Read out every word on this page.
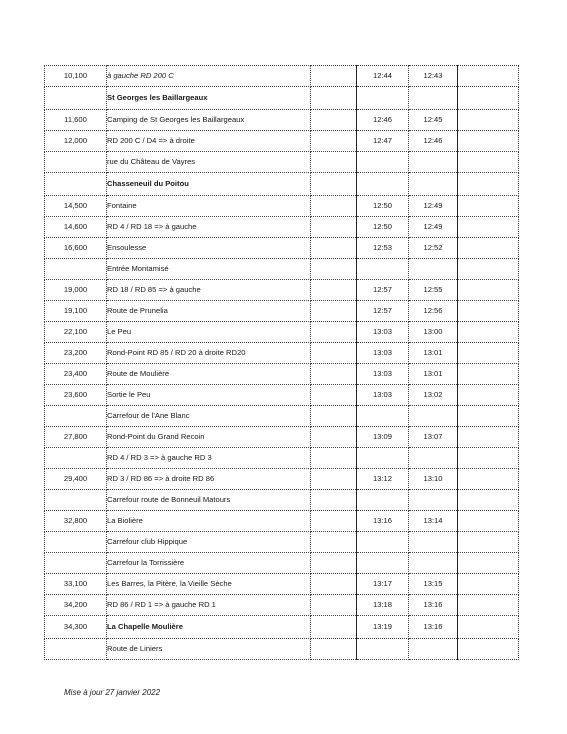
10,100	à gauche RD 200 C		12:44	12:43	
	St Georges les Baillargeaux				
11,600	Camping de St Georges les Baillargeaux		12:46	12:45	
12,000	RD 200 C / D4 => à droite		12:47	12:46	
	rue du Château de Vayres				
	Chasseneuil du Poitou				
14,500	Fontaine		12:50	12:49	
14,600	RD 4 / RD 18 => à gauche		12:50	12:49	
16,600	Ensoulesse		12:53	12:52	
	Entrée Montamisé				
19,000	RD 18 / RD 85 => à gauche		12:57	12:55	
19,100	Route de Prunelia		12:57	12:56	
22,100	Le Peu		13:03	13:00	
23,200	Rond-Point RD 85 / RD 20 à droite RD20		13:03	13:01	
23,400	Route de Moulière		13:03	13:01	
23,600	Sortie le Peu		13:03	13:02	
	Carrefour de l'Ane Blanc				
27,800	Rond-Point du Grand Recoin		13:09	13:07	
	RD 4 / RD 3 => à gauche RD 3				
29,400	RD 3 / RD 86 => à droite RD 86		13:12	13:10	
	Carrefour route de Bonneuil Matours				
32,800	La Biolière		13:16	13:14	
	Carrefour club Hippique				
	Carrefour la Torrissière				
33,100	Les Barres, la Pitère, la Vieille Sèche		13:17	13:15	
34,200	RD 86 / RD 1 => à gauche RD 1		13:18	13:16	
34,300	La Chapelle Moulière		13:19	13:16	
	Route de Liniers				
Mise à jour 27 janvier 2022
